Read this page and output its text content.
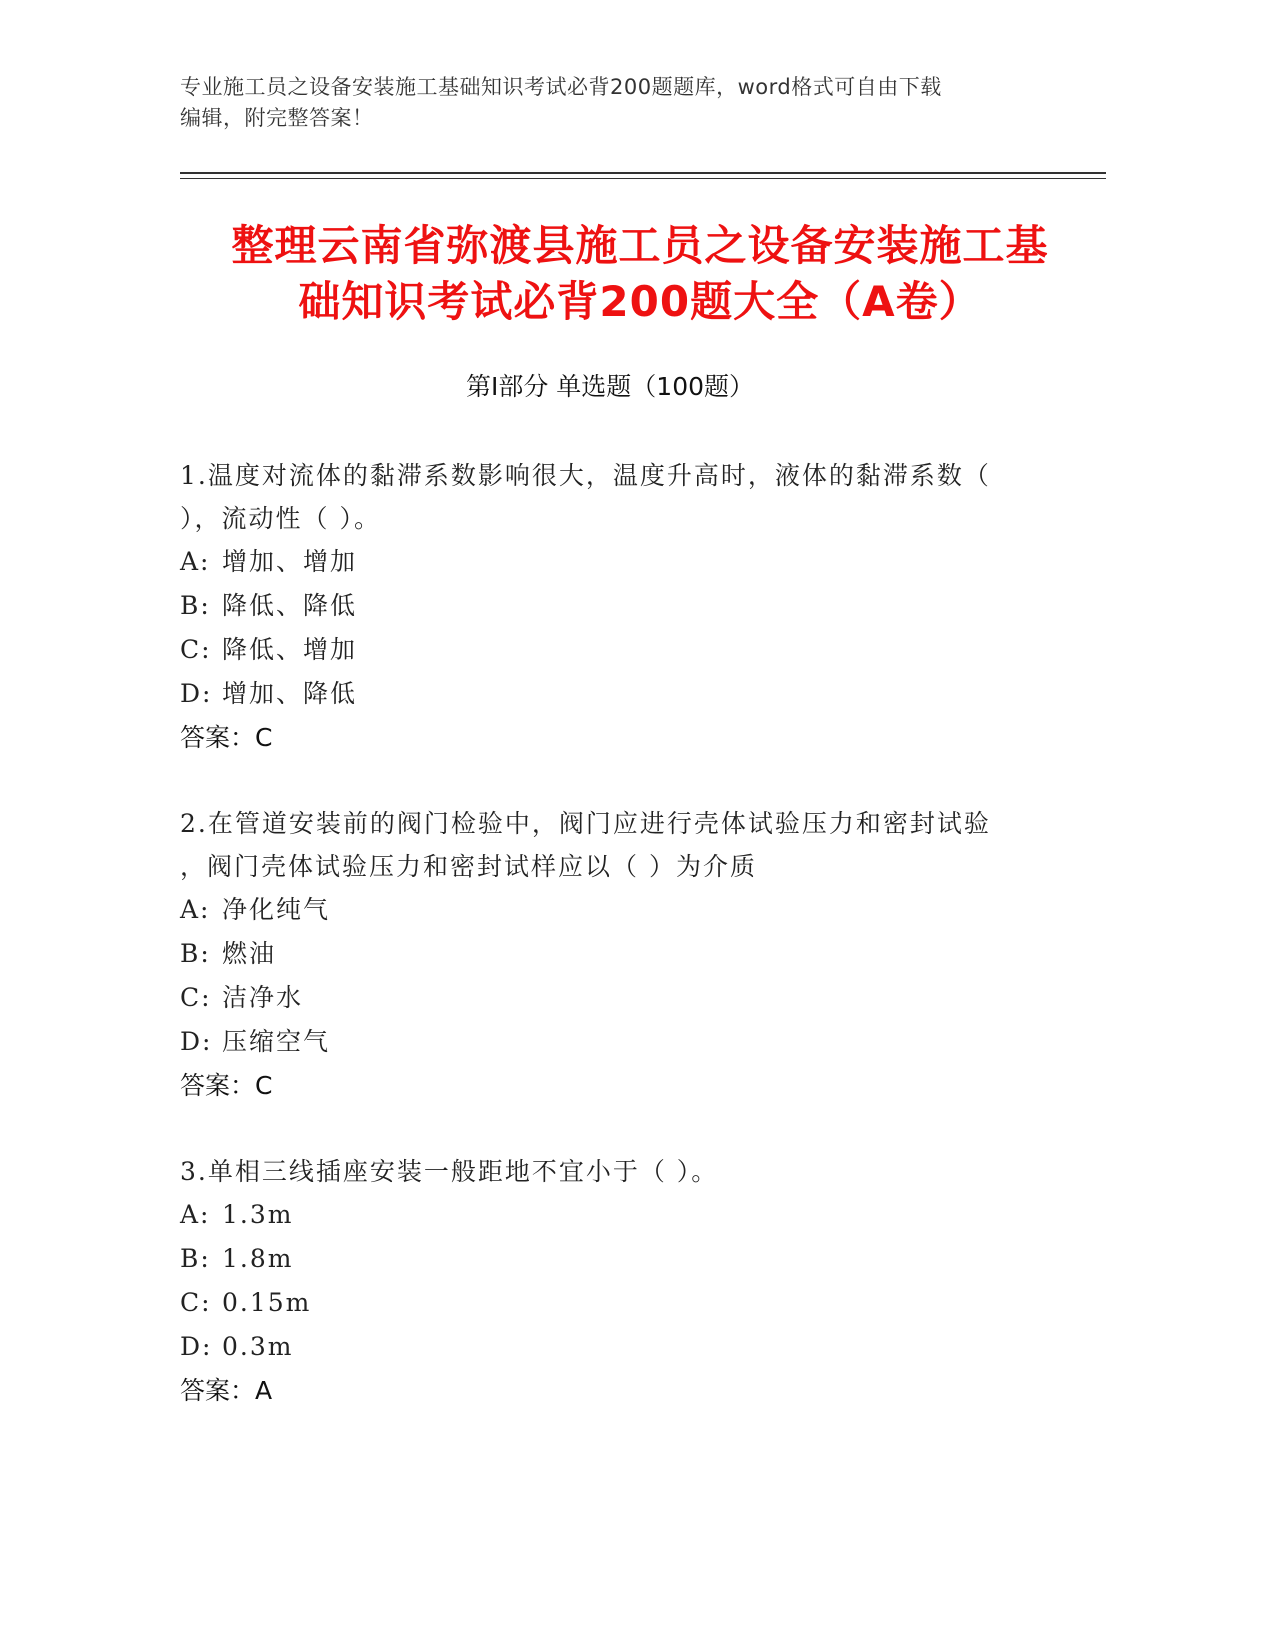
专业施工员之设备安装施工基础知识考试必背200题题库，word格式可自由下载
编辑，附完整答案！
整理云南省弥渡县施工员之设备安装施工基
础知识考试必背200题大全（A卷）
第Ⅰ部分 单选题（100题）

1.温度对流体的黏滞系数影响很大，温度升高时，液体的黏滞系数（

），流动性（ ）。

A: 增加、增加

B: 降低、降低

C: 降低、增加

D: 增加、降低

答案：C

2.在管道安装前的阀门检验中，阀门应进行壳体试验压力和密封试验

，阀门壳体试验压力和密封试样应以（ ）为介质

A: 净化纯气

B: 燃油

C: 洁净水

D: 压缩空气

答案：C

3.单相三线插座安装一般距地不宜小于（ ）。

A: 1.3m

B: 1.8m

C: 0.15m

D: 0.3m

答案：A
